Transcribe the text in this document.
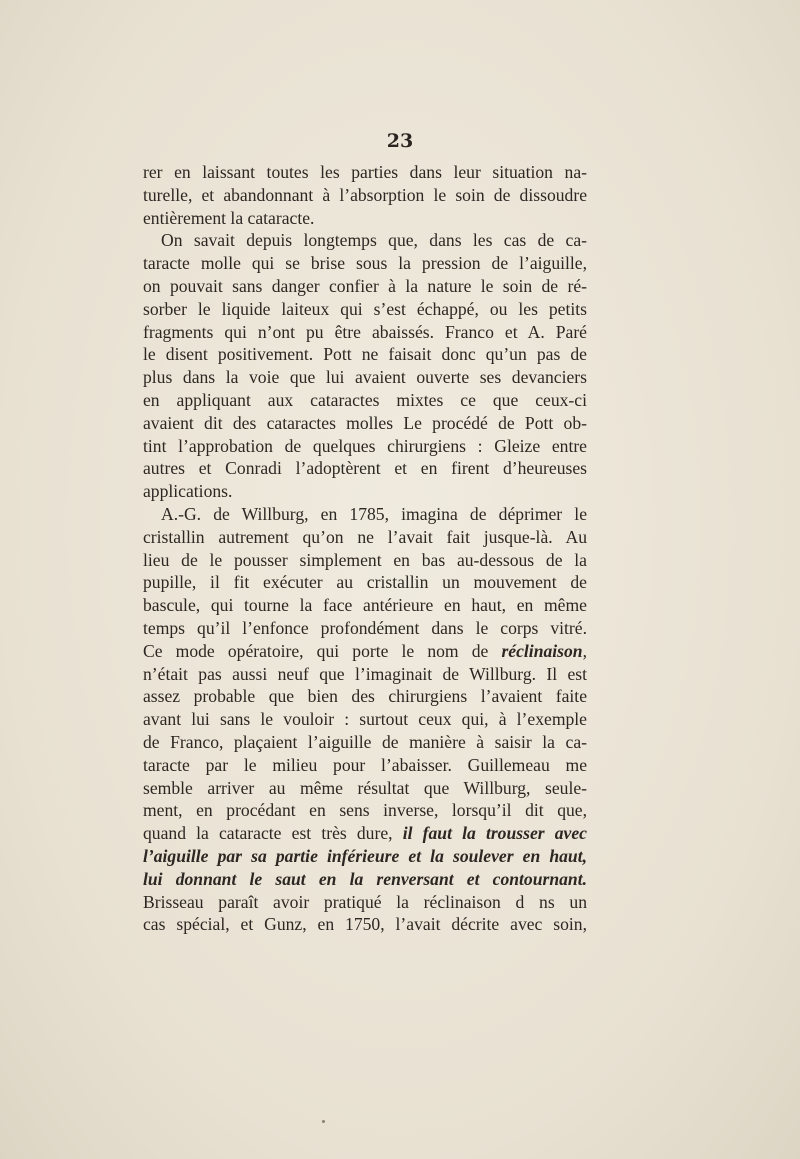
23
rer en laissant toutes les parties dans leur situation na-
turelle, et abandonnant à l’absorption le soin de dissoudre
entièrement la cataracte.
On savait depuis longtemps que, dans les cas de ca-
taracte molle qui se brise sous la pression de l’aiguille,
on pouvait sans danger confier à la nature le soin de ré-
sorber le liquide laiteux qui s’est échappé, ou les petits
fragments qui n’ont pu être abaissés. Franco et A. Paré
le disent positivement. Pott ne faisait donc qu’un pas de
plus dans la voie que lui avaient ouverte ses devanciers
en appliquant aux cataractes mixtes ce que ceux-ci
avaient dit des cataractes molles Le procédé de Pott ob-
tint l’approbation de quelques chirurgiens : Gleize entre
autres et Conradi l’adoptèrent et en firent d’heureuses
applications.
A.-G. de Willburg, en 1785, imagina de déprimer le
cristallin autrement qu’on ne l’avait fait jusque-là. Au
lieu de le pousser simplement en bas au-dessous de la
pupille, il fit exécuter au cristallin un mouvement de
bascule, qui tourne la face antérieure en haut, en même
temps qu’il l’enfonce profondément dans le corps vitré.
Ce mode opératoire, qui porte le nom de réclinaison,
n’était pas aussi neuf que l’imaginait de Willburg. Il est
assez probable que bien des chirurgiens l’avaient faite
avant lui sans le vouloir : surtout ceux qui, à l’exemple
de Franco, plaçaient l’aiguille de manière à saisir la ca-
taracte par le milieu pour l’abaisser. Guillemeau me
semble arriver au même résultat que Willburg, seule-
ment, en procédant en sens inverse, lorsqu’il dit que,
quand la cataracte est très dure, il faut la trousser avec
l’aiguille par sa partie inférieure et la soulever en haut,
lui donnant le saut en la renversant et contournant.
Brisseau paraît avoir pratiqué la réclinaison d ns un
cas spécial, et Gunz, en 1750, l’avait décrite avec soin,
